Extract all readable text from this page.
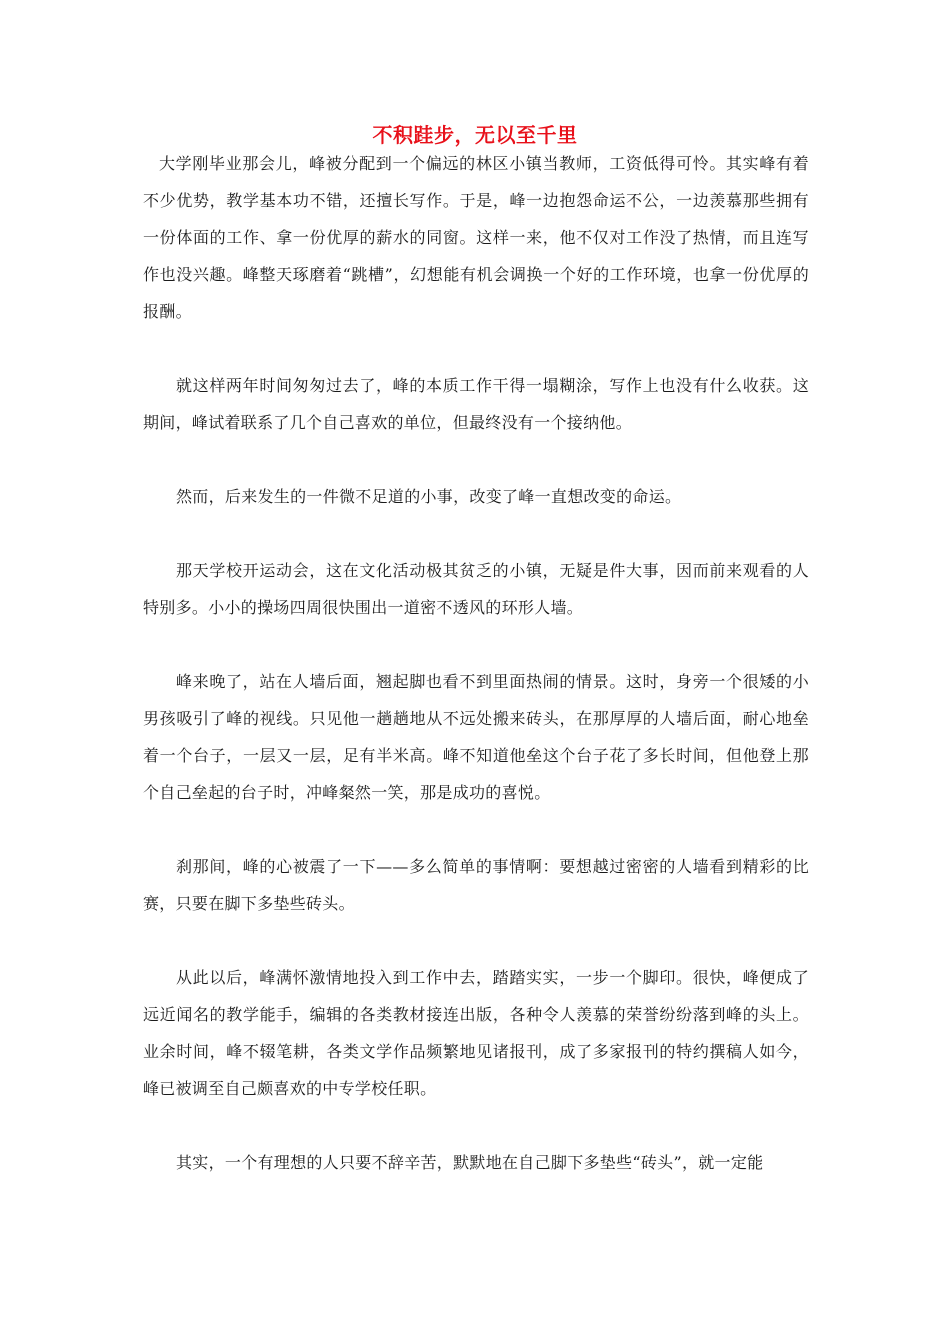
不积跬步，无以至千里

大学刚毕业那会儿，峰被分配到一个偏远的林区小镇当教师，工资低得可怜。其实峰有着不少优势，教学基本功不错，还擅长写作。于是，峰一边抱怨命运不公，一边羡慕那些拥有一份体面的工作、拿一份优厚的薪水的同窗。这样一来，他不仅对工作没了热情，而且连写作也没兴趣。峰整天琢磨着“跳槽”，幻想能有机会调换一个好的工作环境，也拿一份优厚的报酬。

就这样两年时间匆匆过去了，峰的本质工作干得一塌糊涂，写作上也没有什么收获。这期间，峰试着联系了几个自己喜欢的单位，但最终没有一个接纳他。

然而，后来发生的一件微不足道的小事，改变了峰一直想改变的命运。

那天学校开运动会，这在文化活动极其贫乏的小镇，无疑是件大事，因而前来观看的人特别多。小小的操场四周很快围出一道密不透风的环形人墙。

峰来晚了，站在人墙后面，翘起脚也看不到里面热闹的情景。这时，身旁一个很矮的小男孩吸引了峰的视线。只见他一趟趟地从不远处搬来砖头，在那厚厚的人墙后面，耐心地垒着一个台子，一层又一层，足有半米高。峰不知道他垒这个台子花了多长时间，但他登上那个自己垒起的台子时，冲峰粲然一笑，那是成功的喜悦。

刹那间，峰的心被震了一下——多么简单的事情啊：要想越过密密的人墙看到精彩的比赛，只要在脚下多垫些砖头。

从此以后，峰满怀激情地投入到工作中去，踏踏实实，一步一个脚印。很快，峰便成了远近闻名的教学能手，编辑的各类教材接连出版，各种令人羡慕的荣誉纷纷落到峰的头上。业余时间，峰不辍笔耕，各类文学作品频繁地见诸报刊，成了多家报刊的特约撰稿人如今，峰已被调至自己颇喜欢的中专学校任职。

其实，一个有理想的人只要不辞辛苦，默默地在自己脚下多垫些“砖头”，就一定能
